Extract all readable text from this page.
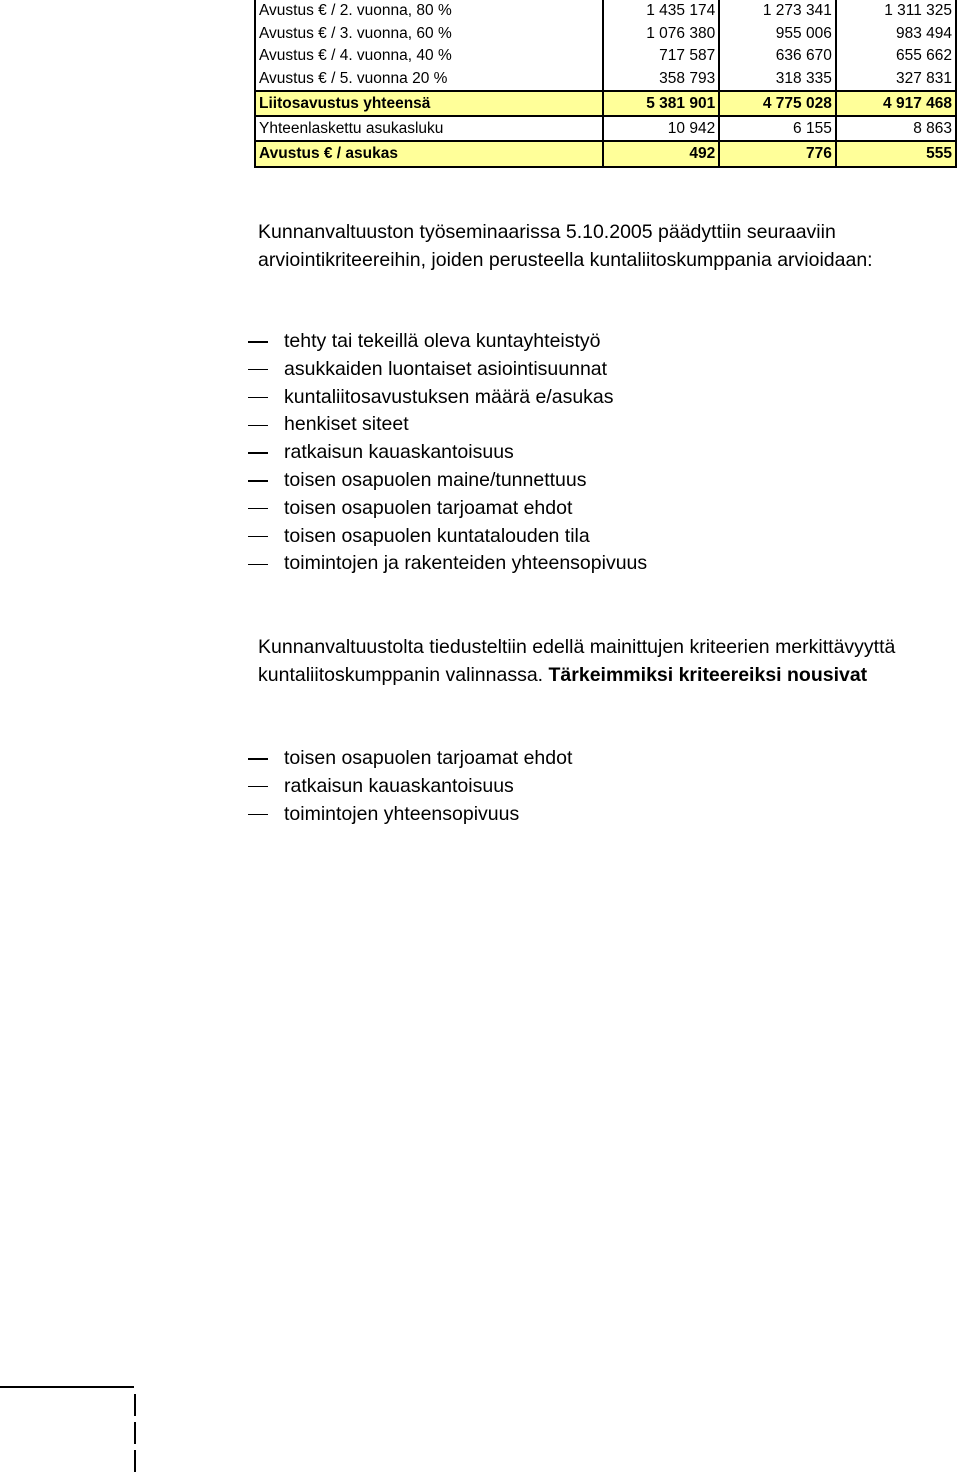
Avustus € / 2. vuonna, 80 %	1 435 174	1 273 341	1 311 325
Avustus € / 3. vuonna, 60 %	1 076 380	955 006	983 494
Avustus € / 4. vuonna, 40 %	717 587	636 670	655 662
Avustus € / 5. vuonna 20 %	358 793	318 335	327 831
Liitosavustus yhteensä	5 381 901	4 775 028	4 917 468
Yhteenlaskettu asukasluku	10 942	6 155	8 863
Avustus € / asukas	492	776	555

Kunnanvaltuuston työseminaarissa 5.10.2005 päädyttiin seuraaviin arviointikriteereihin, joiden perusteella kuntaliitoskumppania arvioidaan:

tehty tai tekeillä oleva kuntayhteistyö
asukkaiden luontaiset asiointisuunnat
kuntaliitosavustuksen määrä e/asukas
henkiset siteet
ratkaisun kauaskantoisuus
toisen osapuolen maine/tunnettuus
toisen osapuolen tarjoamat ehdot
toisen osapuolen kuntatalouden tila
toimintojen ja rakenteiden yhteensopivuus

Kunnanvaltuustolta tiedusteltiin edellä mainittujen kriteerien merkittävyyttä kuntaliitoskumppanin valinnassa. Tärkeimmiksi kriteereiksi nousivat

toisen osapuolen tarjoamat ehdot
ratkaisun kauaskantoisuus
toimintojen yhteensopivuus
